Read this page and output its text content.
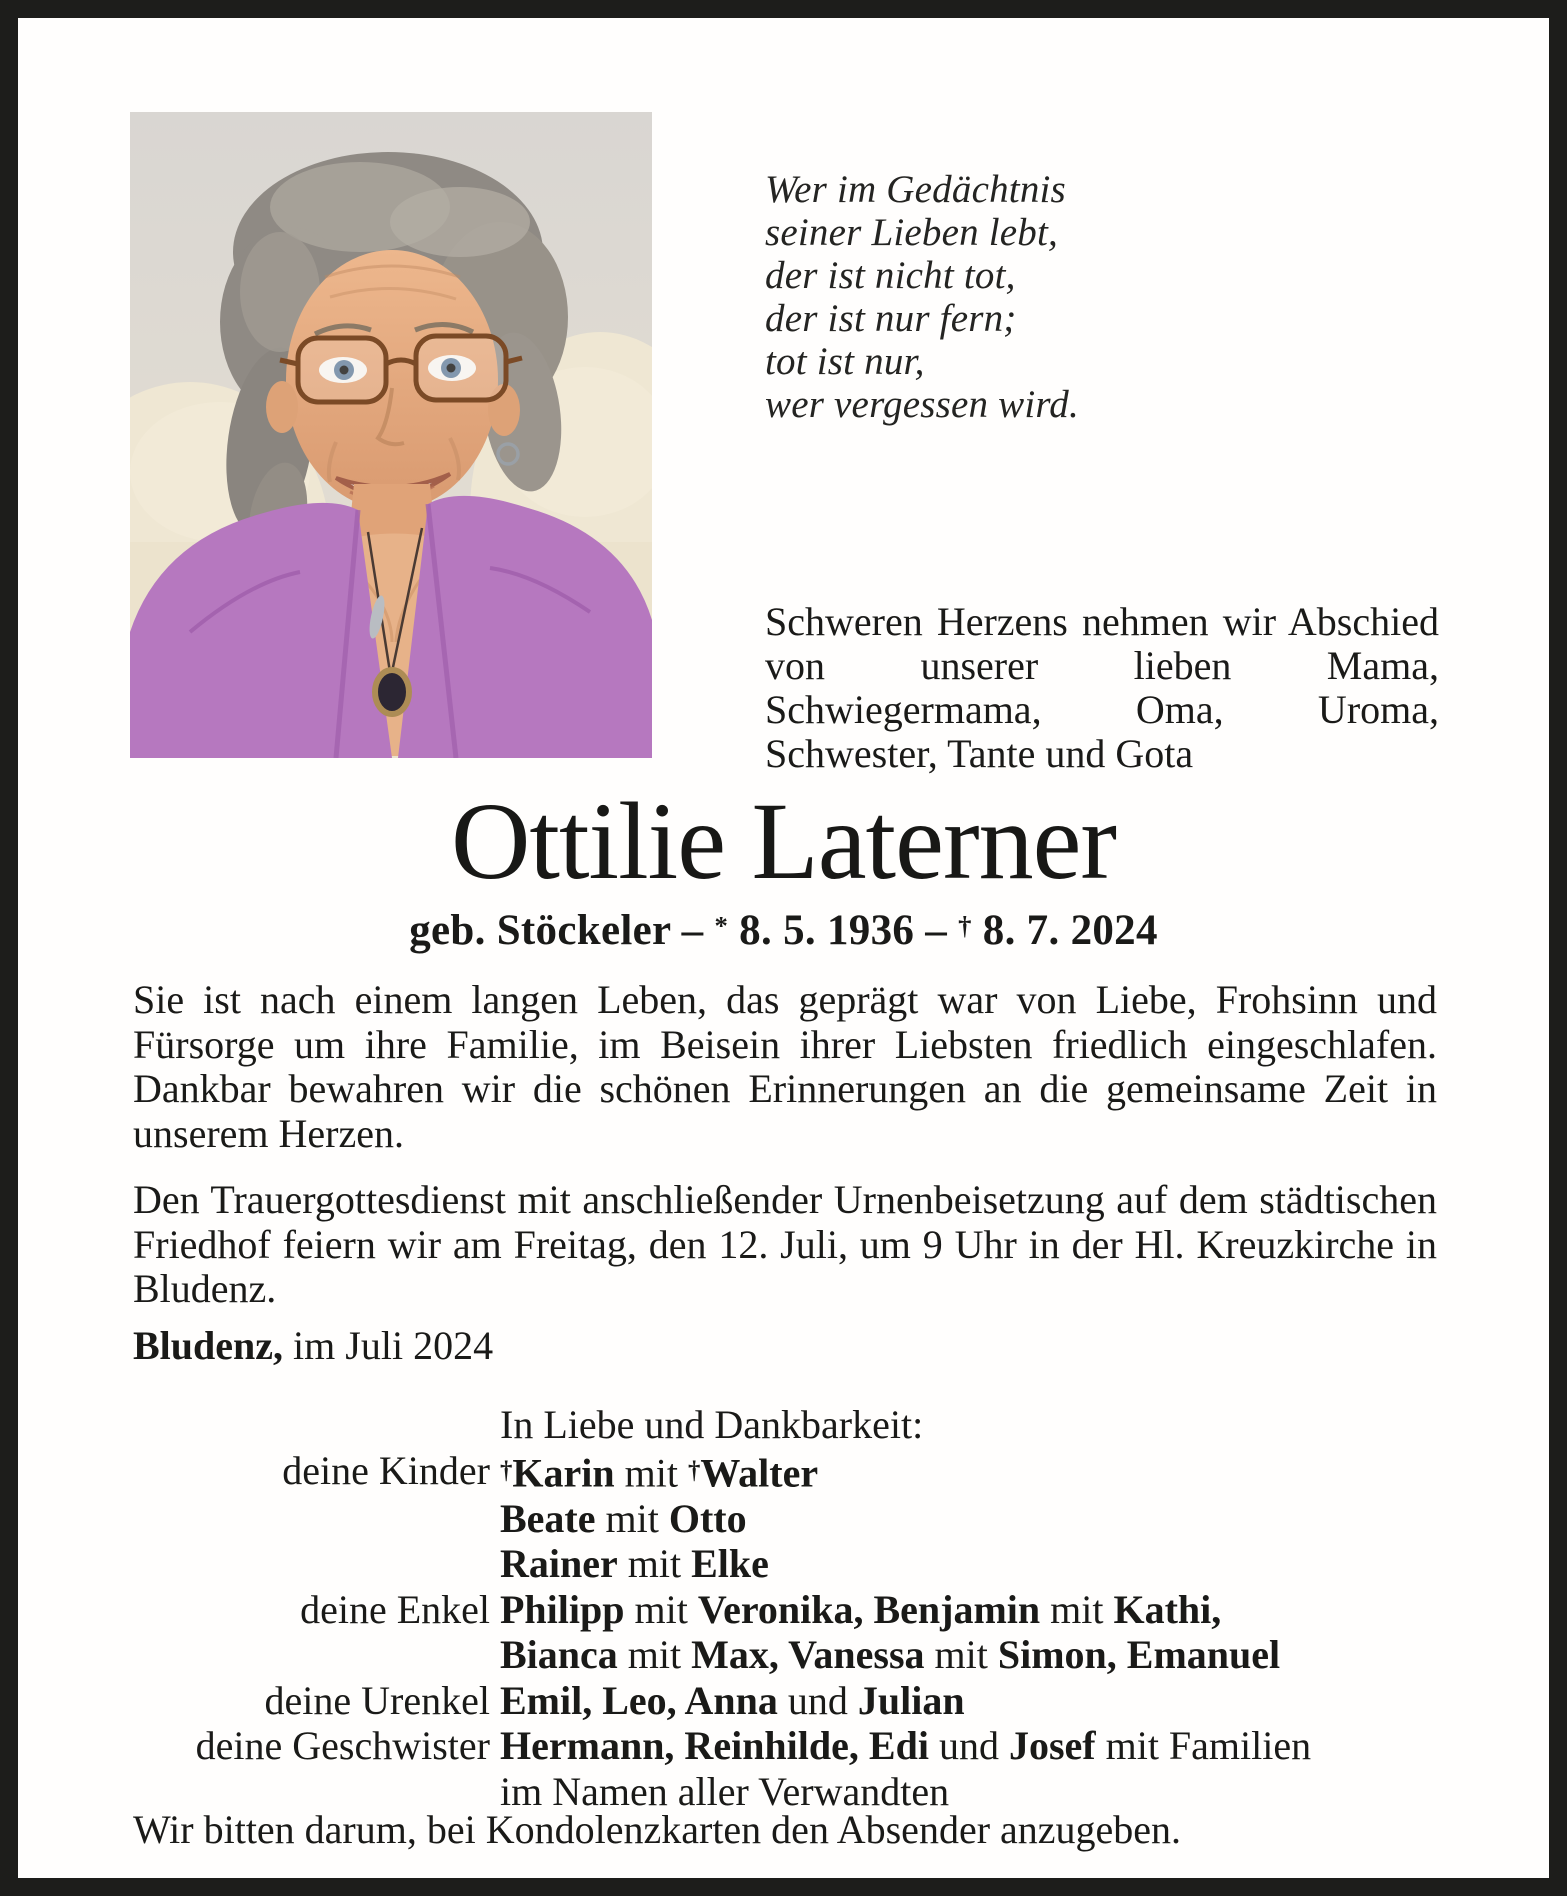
Wer im Gedächtnis
seiner Lieben lebt,
der ist nicht tot,
der ist nur fern;
tot ist nur,
wer vergessen wird.
Schweren Herzens nehmen wir Abschied von unserer lieben Mama, Schwiegermama, Oma, Uroma, Schwester, Tante und Gota
Ottilie Laterner
geb. Stöckeler – * 8. 5. 1936 – † 8. 7. 2024
Sie ist nach einem langen Leben, das geprägt war von Liebe, Frohsinn und Fürsorge um ihre Familie, im Beisein ihrer Liebsten friedlich eingeschlafen. Dankbar bewahren wir die schönen Erinnerungen an die gemeinsame Zeit in unserem Herzen.
Den Trauergottesdienst mit anschließender Urnenbeisetzung auf dem städtischen Friedhof feiern wir am Freitag, den 12. Juli, um 9 Uhr in der Hl. Kreuzkirche in Bludenz.
Bludenz, im Juli 2024
In Liebe und Dankbarkeit:
deine Kinder †Karin mit †Walter
Beate mit Otto
Rainer mit Elke
deine Enkel Philipp mit Veronika, Benjamin mit Kathi,
Bianca mit Max, Vanessa mit Simon, Emanuel
deine Urenkel Emil, Leo, Anna und Julian
deine Geschwister Hermann, Reinhilde, Edi und Josef mit Familien
im Namen aller Verwandten
Wir bitten darum, bei Kondolenzkarten den Absender anzugeben.
